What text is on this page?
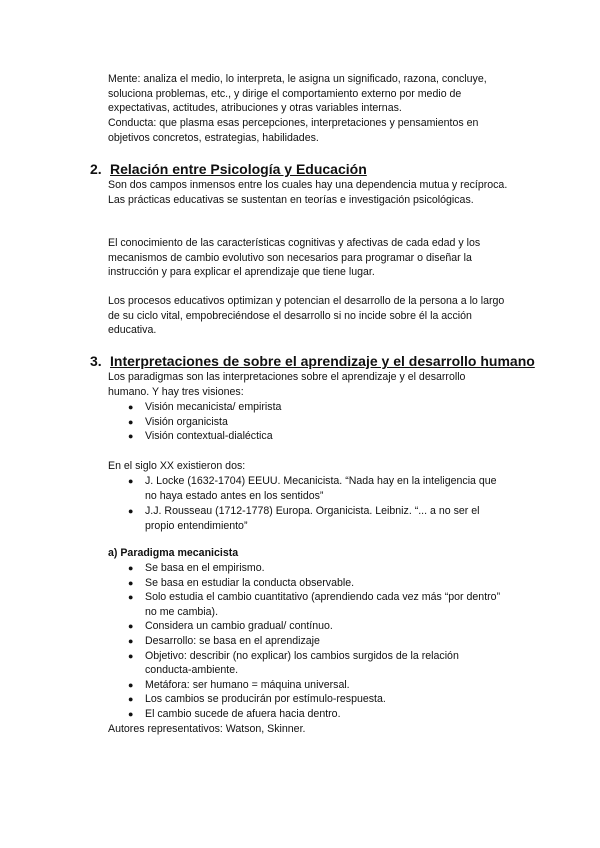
Mente: analiza el medio, lo interpreta, le asigna un significado, razona, concluye, soluciona problemas, etc., y dirige el comportamiento externo por medio de expectativas, actitudes, atribuciones y otras variables internas.

Conducta: que plasma esas percepciones, interpretaciones y pensamientos en objetivos concretos, estrategias, habilidades.

2. Relación entre Psicología y Educación

Son dos campos inmensos entre los cuales hay una dependencia mutua y recíproca. Las prácticas educativas se sustentan en teorías e investigación psicológicas.

El conocimiento de las características cognitivas y afectivas de cada edad y los mecanismos de cambio evolutivo son necesarios para programar o diseñar la instrucción y para explicar el aprendizaje que tiene lugar.

Los procesos educativos optimizan y potencian el desarrollo de la persona a lo largo de su ciclo vital, empobreciéndose el desarrollo si no incide sobre él la acción educativa.

3. Interpretaciones de sobre el aprendizaje y el desarrollo humano

Los paradigmas son las interpretaciones sobre el aprendizaje y el desarrollo humano. Y hay tres visiones:

● Visión mecanicista/ empirista
● Visión organicista
● Visión contextual-dialéctica

En el siglo XX existieron dos:

● J. Locke (1632-1704) EEUU. Mecanicista. “Nada hay en la inteligencia que no haya estado antes en los sentidos”
● J.J. Rousseau (1712-1778) Europa. Organicista. Leibniz. “... a no ser el propio entendimiento”
a) Paradigma mecanicista
● Se basa en el empirismo.
● Se basa en estudiar la conducta observable.
● Solo estudia el cambio cuantitativo (aprendiendo cada vez más “por dentro” no me cambia).
● Considera un cambio gradual/ contínuo.
● Desarrollo: se basa en el aprendizaje
● Objetivo: describir (no explicar) los cambios surgidos de la relación conducta-ambiente.
● Metáfora: ser humano = máquina universal.
● Los cambios se producirán por estímulo-respuesta.
● El cambio sucede de afuera hacia dentro.

Autores representativos: Watson, Skinner.
